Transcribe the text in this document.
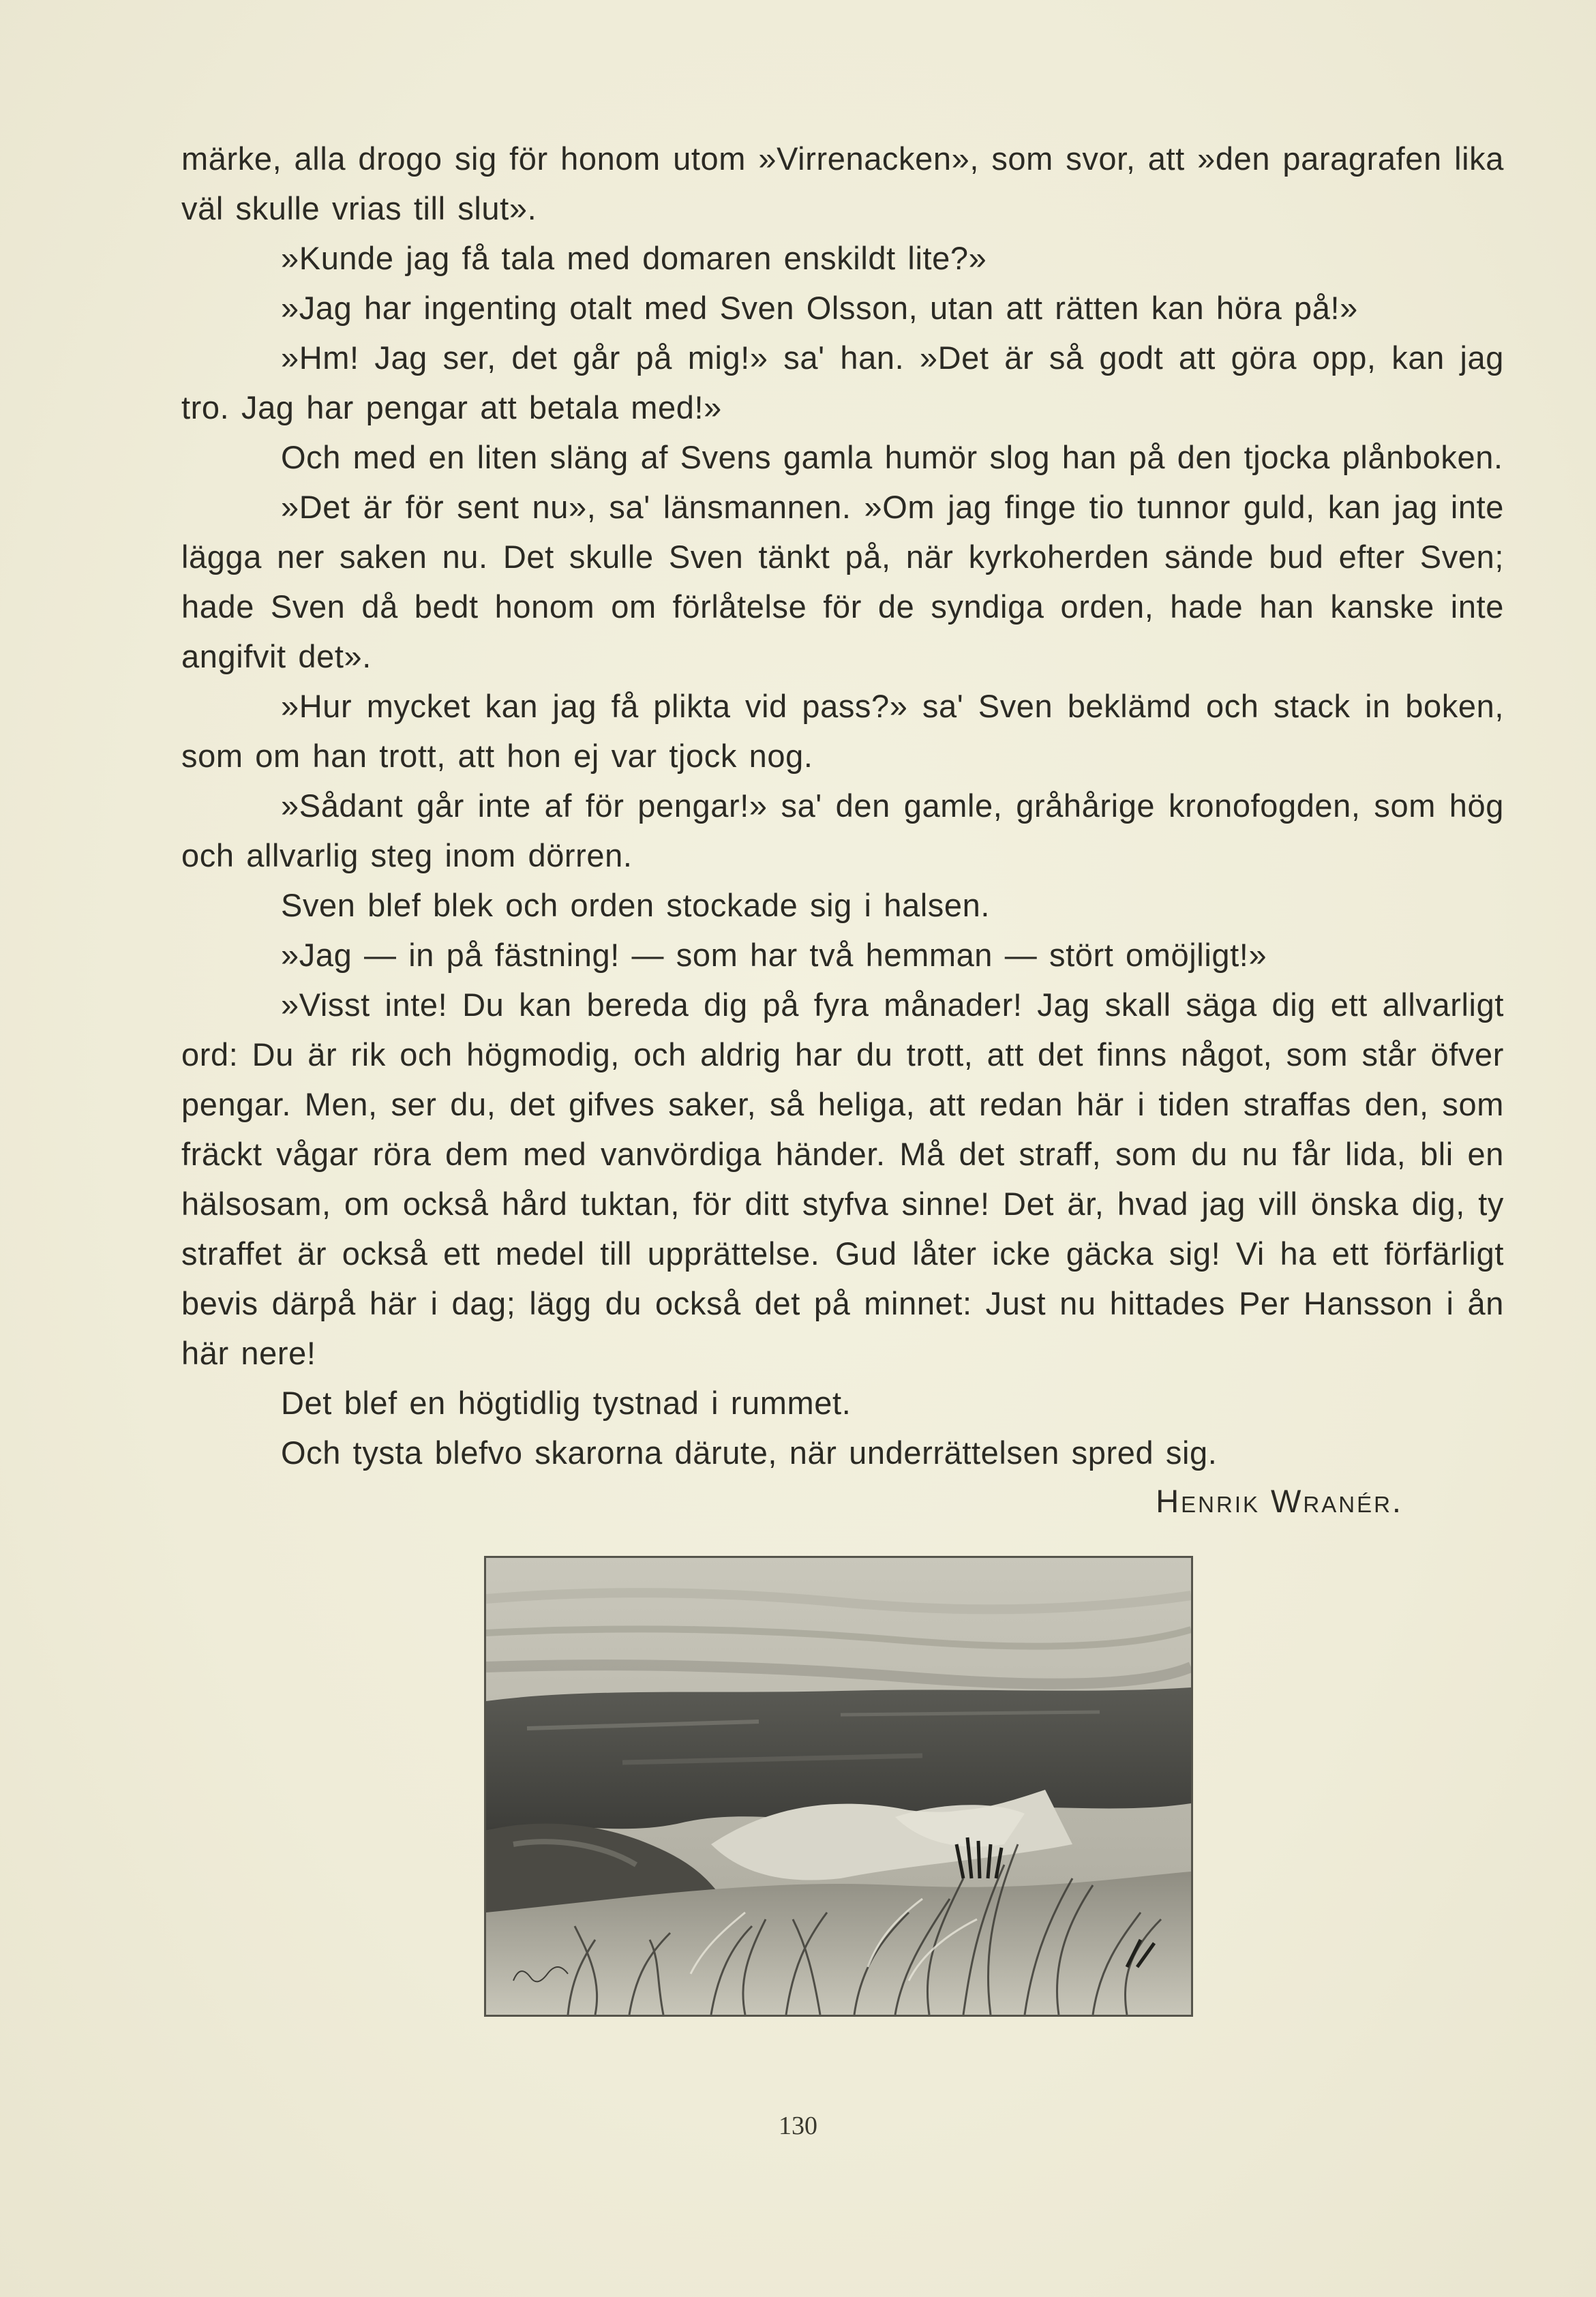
märke, alla drogo sig för honom utom »Virrenacken», som svor, att »den paragrafen lika väl skulle vrias till slut».

»Kunde jag få tala med domaren enskildt lite?»

»Jag har ingenting otalt med Sven Olsson, utan att rätten kan höra på!»

»Hm! Jag ser, det går på mig!» sa' han. »Det är så godt att göra opp, kan jag tro. Jag har pengar att betala med!»

Och med en liten släng af Svens gamla humör slog han på den tjocka plånboken.

»Det är för sent nu», sa' länsmannen. »Om jag finge tio tunnor guld, kan jag inte lägga ner saken nu. Det skulle Sven tänkt på, när kyrkoherden sände bud efter Sven; hade Sven då bedt honom om förlåtelse för de syndiga orden, hade han kanske inte angifvit det».

»Hur mycket kan jag få plikta vid pass?» sa' Sven beklämd och stack in boken, som om han trott, att hon ej var tjock nog.

»Sådant går inte af för pengar!» sa' den gamle, gråhårige kronofogden, som hög och allvarlig steg inom dörren.

Sven blef blek och orden stockade sig i halsen.

»Jag — in på fästning! — som har två hemman — stört omöjligt!»

»Visst inte! Du kan bereda dig på fyra månader! Jag skall säga dig ett allvarligt ord: Du är rik och högmodig, och aldrig har du trott, att det finns något, som står öfver pengar. Men, ser du, det gifves saker, så heliga, att redan här i tiden straffas den, som fräckt vågar röra dem med vanvördiga händer. Må det straff, som du nu får lida, bli en hälsosam, om också hård tuktan, för ditt styfva sinne! Det är, hvad jag vill önska dig, ty straffet är också ett medel till upprättelse. Gud låter icke gäcka sig! Vi ha ett förfärligt bevis därpå här i dag; lägg du också det på minnet: Just nu hittades Per Hansson i ån här nere!

Det blef en högtidlig tystnad i rummet.

Och tysta blefvo skarorna därute, när underrättelsen spred sig.

Henrik Wranér.
130
